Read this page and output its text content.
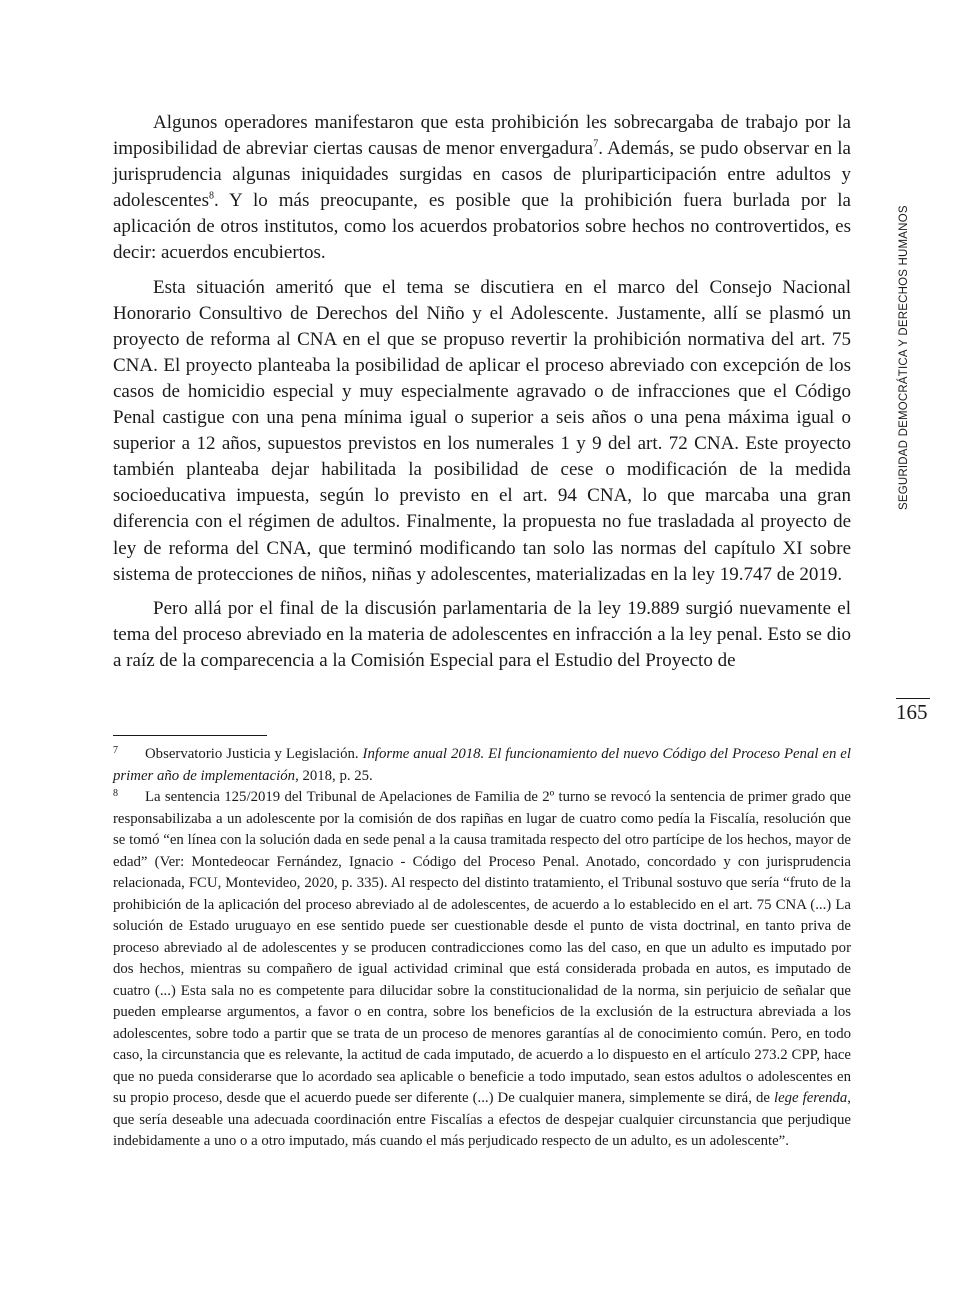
Algunos operadores manifestaron que esta prohibición les sobrecargaba de trabajo por la imposibilidad de abreviar ciertas causas de menor envergadura$^7$. Además, se pudo observar en la jurisprudencia algunas iniquidades surgidas en casos de pluriparticipación entre adultos y adolescentes$^8$. Y lo más preocupante, es posible que la prohibición fuera burlada por la aplicación de otros institutos, como los acuerdos probatorios sobre hechos no controvertidos, es decir: acuerdos encubiertos.

Esta situación ameritó que el tema se discutiera en el marco del Consejo Nacional Honorario Consultivo de Derechos del Niño y el Adolescente. Justamente, allí se plasmó un proyecto de reforma al CNA en el que se propuso revertir la prohibición normativa del art. 75 CNA. El proyecto planteaba la posibilidad de aplicar el proceso abreviado con excepción de los casos de homicidio especial y muy especialmente agravado o de infracciones que el Código Penal castigue con una pena mínima igual o superior a seis años o una pena máxima igual o superior a 12 años, supuestos previstos en los numerales 1 y 9 del art. 72 CNA. Este proyecto también planteaba dejar habilitada la posibilidad de cese o modificación de la medida socioeducativa impuesta, según lo previsto en el art. 94 CNA, lo que marcaba una gran diferencia con el régimen de adultos. Finalmente, la propuesta no fue trasladada al proyecto de ley de reforma del CNA, que terminó modificando tan solo las normas del capítulo XI sobre sistema de protecciones de niños, niñas y adolescentes, materializadas en la ley 19.747 de 2019.

Pero allá por el final de la discusión parlamentaria de la ley 19.889 surgió nuevamente el tema del proceso abreviado en la materia de adolescentes en infracción a la ley penal. Esto se dio a raíz de la comparecencia a la Comisión Especial para el Estudio del Proyecto de

SEGURIDAD DEMOCRÁTICA Y DERECHOS HUMANOS
165

7 Observatorio Justicia y Legislación. Informe anual 2018. El funcionamiento del nuevo Código del Proceso Penal en el primer año de implementación, 2018, p. 25.

8 La sentencia 125/2019 del Tribunal de Apelaciones de Familia de 2º turno se revocó la sentencia de primer grado que responsabilizaba a un adolescente por la comisión de dos rapiñas en lugar de cuatro como pedía la Fiscalía, resolución que se tomó “en línea con la solución dada en sede penal a la causa tramitada respecto del otro partícipe de los hechos, mayor de edad” (Ver: Montedeocar Fernández, Ignacio - Código del Proceso Penal. Anotado, concordado y con jurisprudencia relacionada, FCU, Montevideo, 2020, p. 335). Al respecto del distinto tratamiento, el Tribunal sostuvo que sería “fruto de la prohibición de la aplicación del proceso abreviado al de adolescentes, de acuerdo a lo establecido en el art. 75 CNA (...) La solución de Estado uruguayo en ese sentido puede ser cuestionable desde el punto de vista doctrinal, en tanto priva de proceso abreviado al de adolescentes y se producen contradicciones como las del caso, en que un adulto es imputado por dos hechos, mientras su compañero de igual actividad criminal que está considerada probada en autos, es imputado de cuatro (...) Esta sala no es competente para dilucidar sobre la constitucionalidad de la norma, sin perjuicio de señalar que pueden emplearse argumentos, a favor o en contra, sobre los beneficios de la exclusión de la estructura abreviada a los adolescentes, sobre todo a partir que se trata de un proceso de menores garantías al de conocimiento común. Pero, en todo caso, la circunstancia que es relevante, la actitud de cada imputado, de acuerdo a lo dispuesto en el artículo 273.2 CPP, hace que no pueda considerarse que lo acordado sea aplicable o beneficie a todo imputado, sean estos adultos o adolescentes en su propio proceso, desde que el acuerdo puede ser diferente (...) De cualquier manera, simplemente se dirá, de lege ferenda, que sería deseable una adecuada coordinación entre Fiscalías a efectos de despejar cualquier circunstancia que perjudique indebidamente a uno o a otro imputado, más cuando el más perjudicado respecto de un adulto, es un adolescente”.
